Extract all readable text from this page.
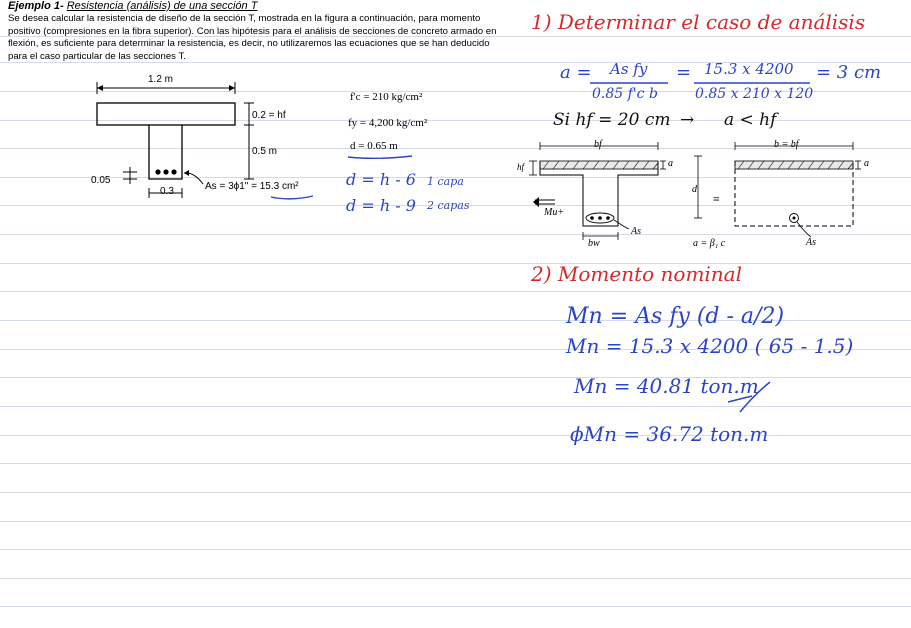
Ejemplo 1- Resistencia (análisis) de una sección T
Se desea calcular la resistencia de diseño de la sección T, mostrada en la figura a continuación, para momento positivo (compresiones en la fibra superior). Con las hipótesis para el análisis de secciones de concreto armado en flexión, es suficiente para determinar la resistencia, es decir, no utilizaremos las ecuaciones que se han deducido para el caso particular de las secciones T.
1.2 m
0.2 = hf
0.5 m
0.05
0.3	As = 3ϕ1" = 15.3 cm²
f'c = 210 kg/cm²
fy = 4,200 kg/cm²
d = 0.65 m
d = h - 6 1 capa
d = h - 9 2 capas
1) Determinar el caso de análisis
a = As fy
0.85 f'c b
= 15.3 x 4200
0.85 x 210 x 120
= 3 cm
Si hf = 20 cm → a < hf
bf
hf	a
d
Mu+
bw
As
≡
b = bf
a
As
a = β₁ c
2) Momento nominal
Mn = As fy (d - a/2)
Mn = 15.3 x 4200 ( 65 - 1.5)
Mn = 40.81 ton.m
ϕMn = 36.72 ton.m
